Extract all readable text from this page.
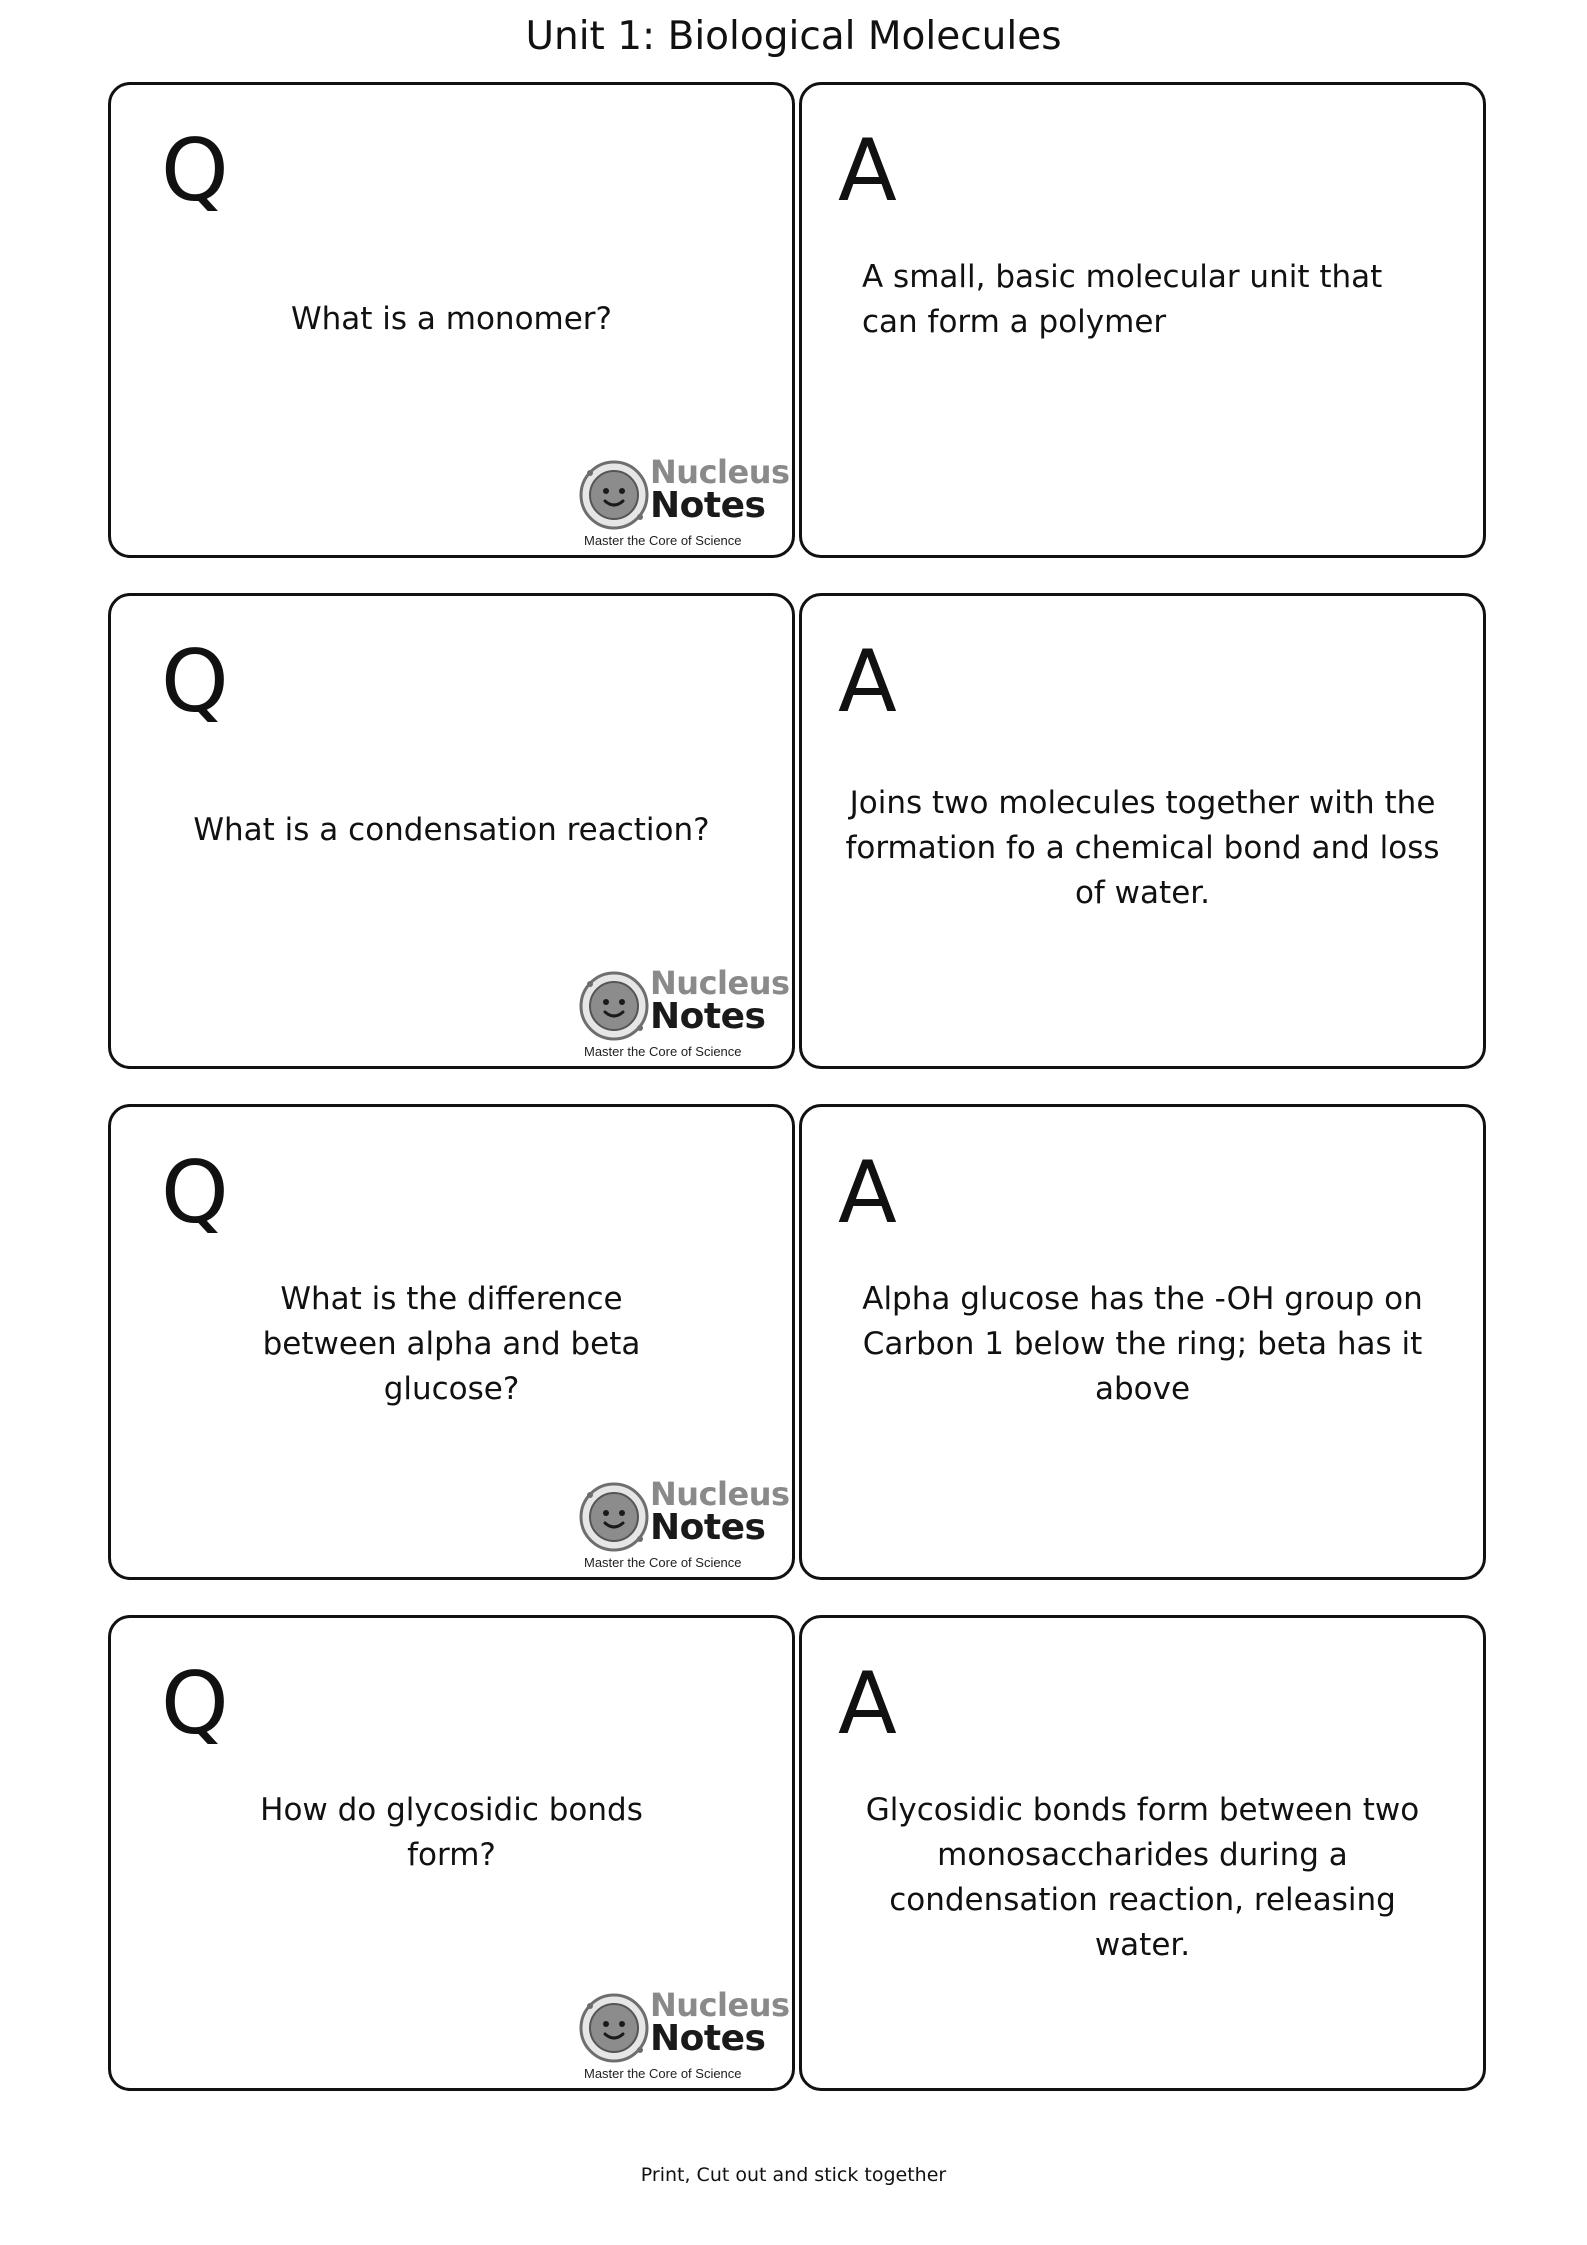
Unit 1: Biological Molecules
Q
What is a monomer?
Nucleus
Notes
Master the Core of Science
A
A small, basic molecular unit that can form a polymer
Q
What is a condensation reaction?
Nucleus
Notes
Master the Core of Science
A
Joins two molecules together with the formation fo a chemical bond and loss of water.
Q
What is the difference between alpha and beta glucose?
Nucleus
Notes
Master the Core of Science
A
Alpha glucose has the -OH group on Carbon 1 below the ring; beta has it above
Q
How do glycosidic bonds form?
Nucleus
Notes
Master the Core of Science
A
Glycosidic bonds form between two monosaccharides during a condensation reaction, releasing water.
Print, Cut out and stick together
